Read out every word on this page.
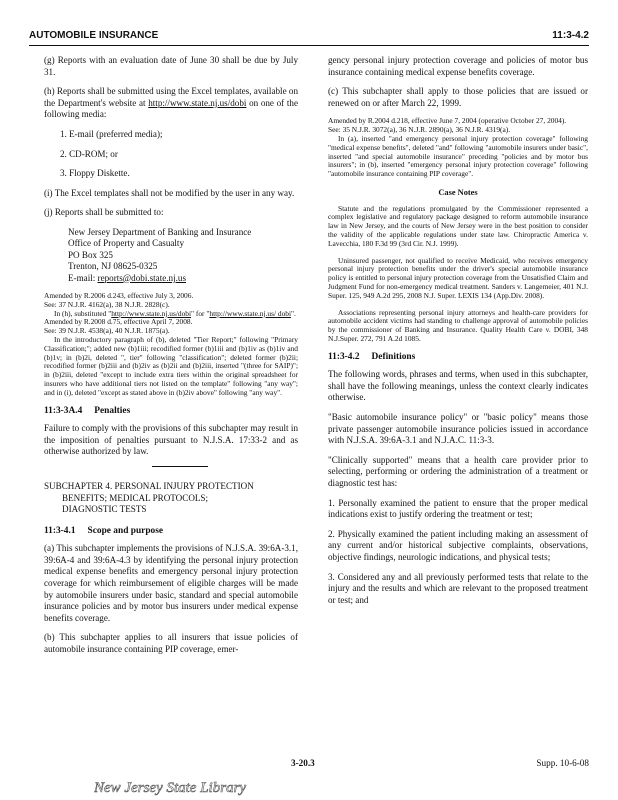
AUTOMOBILE INSURANCE	11:3-4.2

(g) Reports with an evaluation date of June 30 shall be due by July 31.

(h) Reports shall be submitted using the Excel templates, available on the Department's website at http://www.state.nj.us/dobi on one of the following media:

1. E-mail (preferred media);
2. CD-ROM; or
3. Floppy Diskette.

(i) The Excel templates shall not be modified by the user in any way.

(j) Reports shall be submitted to:

New Jersey Department of Banking and Insurance
Office of Property and Casualty
PO Box 325
Trenton, NJ 08625-0325
E-mail: reports@dobi.state.nj.us

Amended by R.2006 d.243, effective July 3, 2006.

See: 37 N.J.R. 4162(a), 38 N.J.R. 2828(c).

In (h), substituted "http://www.state.nj.us/dobi" for "http://www.state.nj.us/ dobi".

Amended by R.2008 d.75, effective April 7, 2008.

See: 39 N.J.R. 4538(a), 40 N.J.R. 1875(a).

In the introductory paragraph of (b), deleted "Tier Report;" following "Primary Classification;"; added new (b)1iii; recodified former (b)1iii and (b)1iv as (b)1iv and (b)1v; in (b)2i, deleted ", tier" following "classification"; deleted former (b)2ii; recodified former (b)2iii and (b)2iv as (b)2ii and (b)2iii, inserted "(three for SAIP)"; in (b)2iii, deleted "except to include extra tiers within the original spreadsheet for insurers who have additional tiers not listed on the template" following "any way"; and in (i), deleted "except as stated above in (b)2iv above" following "any way".

11:3-3A.4 Penalties

Failure to comply with the provisions of this subchapter may result in the imposition of penalties pursuant to N.J.S.A. 17:33-2 and as otherwise authorized by law.

SUBCHAPTER 4. PERSONAL INJURY PROTECTION
BENEFITS; MEDICAL PROTOCOLS;
DIAGNOSTIC TESTS
11:3-4.1 Scope and purpose

(a) This subchapter implements the provisions of N.J.S.A. 39:6A-3.1, 39:6A-4 and 39:6A-4.3 by identifying the personal injury protection medical expense benefits and emergency personal injury protection coverage for which reimbursement of eligible charges will be made by automobile insurers under basic, standard and special automobile insurance policies and by motor bus insurers under medical expense benefits coverage.

(b) This subchapter applies to all insurers that issue policies of automobile insurance containing PIP coverage, emer-

gency personal injury protection coverage and policies of motor bus insurance containing medical expense benefits coverage.

(c) This subchapter shall apply to those policies that are issued or renewed on or after March 22, 1999.

Amended by R.2004 d.218, effective June 7, 2004 (operative October 27, 2004).

See: 35 N.J.R. 3072(a), 36 N.J.R. 2890(a), 36 N.J.R. 4319(a).

In (a), inserted "and emergency personal injury protection coverage" following "medical expense benefits", deleted "and" following "automobile insurers under basic", inserted "and special automobile insurance" preceding "policies and by motor bus insurers"; in (b), inserted "emergency personal injury protection coverage" following "automobile insurance containing PIP coverage".

Case Notes

Statute and the regulations promulgated by the Commissioner represented a complex legislative and regulatory package designed to reform automobile insurance law in New Jersey, and the courts of New Jersey were in the best position to consider the validity of the applicable regulations under state law. Chiropractic America v. Lavecchia, 180 F.3d 99 (3rd Cir. N.J. 1999).

Uninsured passenger, not qualified to receive Medicaid, who receives emergency personal injury protection benefits under the driver's special automobile insurance policy is entitled to personal injury protection coverage from the Unsatisfied Claim and Judgment Fund for non-emergency medical treatment. Sanders v. Langemeier, 401 N.J. Super. 125, 949 A.2d 295, 2008 N.J. Super. LEXIS 134 (App.Div. 2008).

Associations representing personal injury attorneys and health-care providers for automobile accident victims had standing to challenge approval of automobile policies by the commissioner of Banking and Insurance. Quality Health Care v. DOBI, 348 N.J.Super. 272, 791 A.2d 1085.

11:3-4.2 Definitions

The following words, phrases and terms, when used in this subchapter, shall have the following meanings, unless the context clearly indicates otherwise.

"Basic automobile insurance policy" or "basic policy" means those private passenger automobile insurance policies issued in accordance with N.J.S.A. 39:6A-3.1 and N.J.A.C. 11:3-3.

"Clinically supported" means that a health care provider prior to selecting, performing or ordering the administration of a treatment or diagnostic test has:

1. Personally examined the patient to ensure that the proper medical indications exist to justify ordering the treatment or test;

2. Physically examined the patient including making an assessment of any current and/or historical subjective complaints, observations, objective findings, neurologic indications, and physical tests;

3. Considered any and all previously performed tests that relate to the injury and the results and which are relevant to the proposed treatment or test; and

3-20.3	Supp. 10-6-08
New Jersey State Library
